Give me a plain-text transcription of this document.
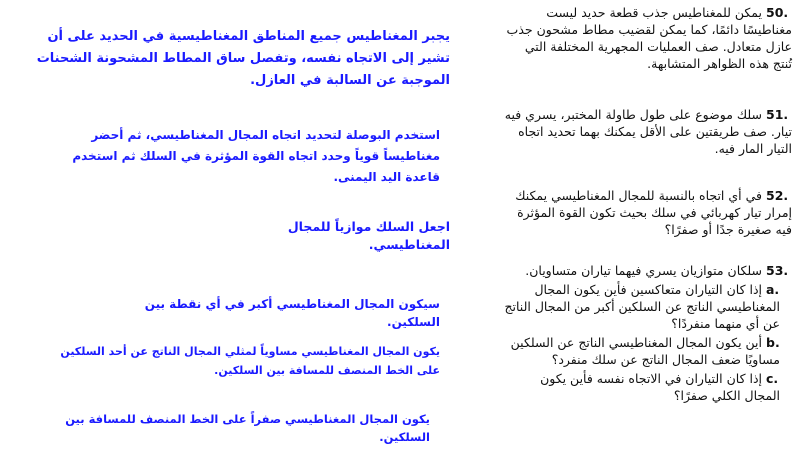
50. يمكن للمغناطيس جذب قطعة حديد ليست مغناطيسًا دائمًا، كما يمكن لقضيب مطاط مشحون جذب عازل متعادل. صف العمليات المجهرية المختلفة التي تُنتج هذه الظواهر المتشابهة.
51. سلك موضوع على طول طاولة المختبر، يسري فيه تيار. صف طريقتين على الأقل يمكنك بهما تحديد اتجاه التيار المار فيه.
52. في أي اتجاه بالنسبة للمجال المغناطيسي يمكنك إمرار تيار كهربائي في سلك بحيث تكون القوة المؤثرة فيه صغيرة جدًا أو صفرًا؟
53. سلكان متوازيان يسري فيهما تياران متساويان.
a. إذا كان التياران متعاكسين فأين يكون المجال المغناطيسي الناتج عن السلكين أكبر من المجال الناتج عن أي منهما منفردًا؟
b. أين يكون المجال المغناطيسي الناتج عن السلكين مساويًا ضعف المجال الناتج عن سلك منفرد؟
c. إذا كان التياران في الاتجاه نفسه فأين يكون المجال الكلي صفرًا؟
يجبر المغناطيس جميع المناطق المغناطيسية في الحديد على أن تشير إلى الاتجاه نفسه، وتفصل ساق المطاط المشحونة الشحنات الموجبة عن السالبة في العازل.
استخدم البوصلة لتحديد اتجاه المجال المغناطيسي، ثم أحضر مغناطيساً قوياً وحدد اتجاه القوة المؤثرة في السلك ثم استخدم قاعدة اليد اليمنى.
اجعل السلك موازياً للمجال المغناطيسي.
سيكون المجال المغناطيسي أكبر في أي نقطة بين السلكين.
يكون المجال المغناطيسي مساوياً لمثلي المجال الناتج عن أحد السلكين على الخط المنصف للمسافة بين السلكين.
يكون المجال المغناطيسي صفراً على الخط المنصف للمسافة بين السلكين.
